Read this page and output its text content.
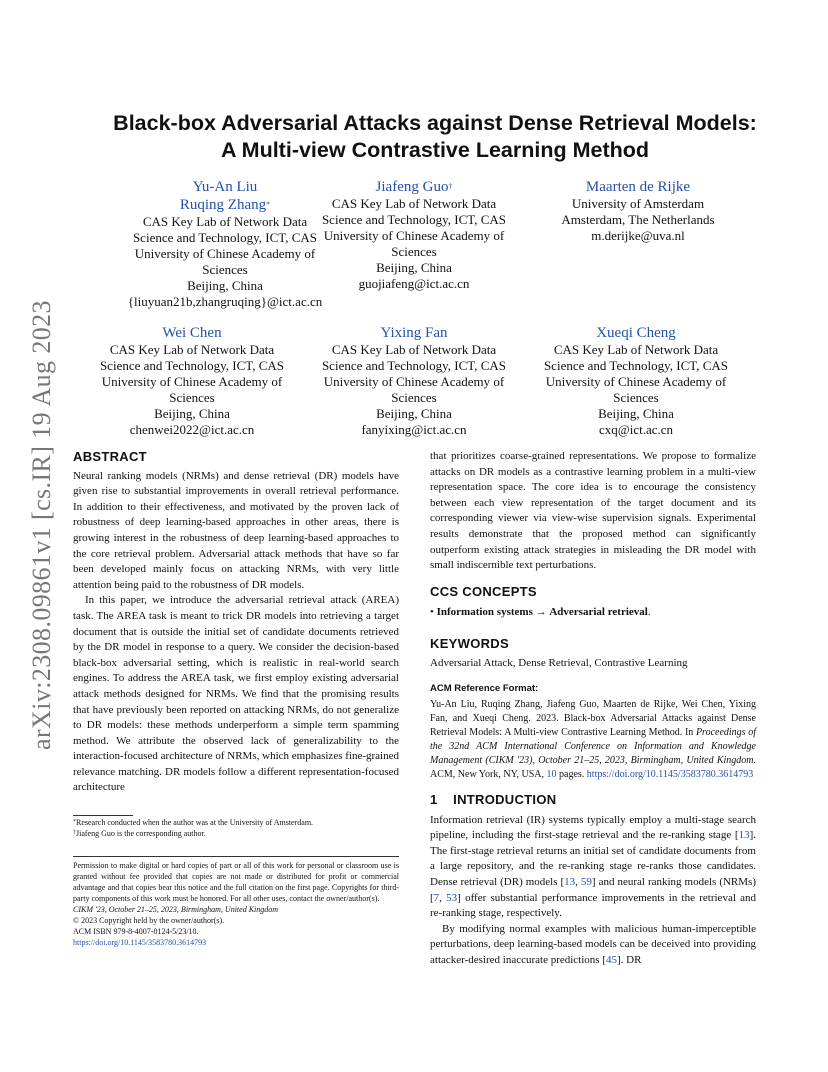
arXiv:2308.09861v1 [cs.IR] 19 Aug 2023
Black-box Adversarial Attacks against Dense Retrieval Models:
A Multi-view Contrastive Learning Method
Yu-An Liu
Ruqing Zhang*
CAS Key Lab of Network Data
Science and Technology, ICT, CAS
University of Chinese Academy of
Sciences
Beijing, China
{liuyuan21b,zhangruqing}@ict.ac.cn
Jiafeng Guo†
CAS Key Lab of Network Data
Science and Technology, ICT, CAS
University of Chinese Academy of
Sciences
Beijing, China
guojiafeng@ict.ac.cn
Maarten de Rijke
University of Amsterdam
Amsterdam, The Netherlands
m.derijke@uva.nl
Wei Chen
CAS Key Lab of Network Data
Science and Technology, ICT, CAS
University of Chinese Academy of
Sciences
Beijing, China
chenwei2022@ict.ac.cn
Yixing Fan
CAS Key Lab of Network Data
Science and Technology, ICT, CAS
University of Chinese Academy of
Sciences
Beijing, China
fanyixing@ict.ac.cn
Xueqi Cheng
CAS Key Lab of Network Data
Science and Technology, ICT, CAS
University of Chinese Academy of
Sciences
Beijing, China
cxq@ict.ac.cn
ABSTRACT

Neural ranking models (NRMs) and dense retrieval (DR) models have given rise to substantial improvements in overall retrieval performance. In addition to their effectiveness, and motivated by the proven lack of robustness of deep learning-based approaches in other areas, there is growing interest in the robustness of deep learning-based approaches to the core retrieval problem. Adversarial attack methods that have so far been developed mainly focus on attacking NRMs, with very little attention being paid to the robustness of DR models.

In this paper, we introduce the adversarial retrieval attack (AREA) task. The AREA task is meant to trick DR models into retrieving a target document that is outside the initial set of candidate documents retrieved by the DR model in response to a query. We consider the decision-based black-box adversarial setting, which is realistic in real-world search engines. To address the AREA task, we first employ existing adversarial attack methods designed for NRMs. We find that the promising results that have previously been reported on attacking NRMs, do not generalize to DR models: these methods underperform a simple term spamming method. We attribute the observed lack of generalizability to the interaction-focused architecture of NRMs, which emphasizes fine-grained relevance matching. DR models follow a different representation-focused architecture

*Research conducted when the author was at the University of Amsterdam.
†Jiafeng Guo is the corresponding author.
Permission to make digital or hard copies of part or all of this work for personal or classroom use is granted without fee provided that copies are not made or distributed for profit or commercial advantage and that copies bear this notice and the full citation on the first page. Copyrights for third-party components of this work must be honored. For all other uses, contact the owner/author(s).
CIKM '23, October 21–25, 2023, Birmingham, United Kingdom
© 2023 Copyright held by the owner/author(s).
ACM ISBN 979-8-4007-0124-5/23/10.
https://doi.org/10.1145/3583780.3614793

that prioritizes coarse-grained representations. We propose to formalize attacks on DR models as a contrastive learning problem in a multi-view representation space. The core idea is to encourage the consistency between each view representation of the target document and its corresponding viewer via view-wise supervision signals. Experimental results demonstrate that the proposed method can significantly outperform existing attack strategies in misleading the DR model with small indiscernible text perturbations.

CCS CONCEPTS
• Information systems → Adversarial retrieval.
KEYWORDS
Adversarial Attack, Dense Retrieval, Contrastive Learning
ACM Reference Format:
Yu-An Liu, Ruqing Zhang, Jiafeng Guo, Maarten de Rijke, Wei Chen, Yixing Fan, and Xueqi Cheng. 2023. Black-box Adversarial Attacks against Dense Retrieval Models: A Multi-view Contrastive Learning Method. In Proceedings of the 32nd ACM International Conference on Information and Knowledge Management (CIKM '23), October 21–25, 2023, Birmingham, United Kingdom. ACM, New York, NY, USA, 10 pages. https://doi.org/10.1145/3583780.3614793
1    INTRODUCTION

Information retrieval (IR) systems typically employ a multi-stage search pipeline, including the first-stage retrieval and the re-ranking stage [13]. The first-stage retrieval returns an initial set of candidate documents from a large repository, and the re-ranking stage re-ranks those candidates. Dense retrieval (DR) models [13, 59] and neural ranking models (NRMs) [7, 53] offer substantial performance improvements in the retrieval and re-ranking stage, respectively.

By modifying normal examples with malicious human-imperceptible perturbations, deep learning-based models can be deceived into providing attacker-desired inaccurate predictions [45]. DR
